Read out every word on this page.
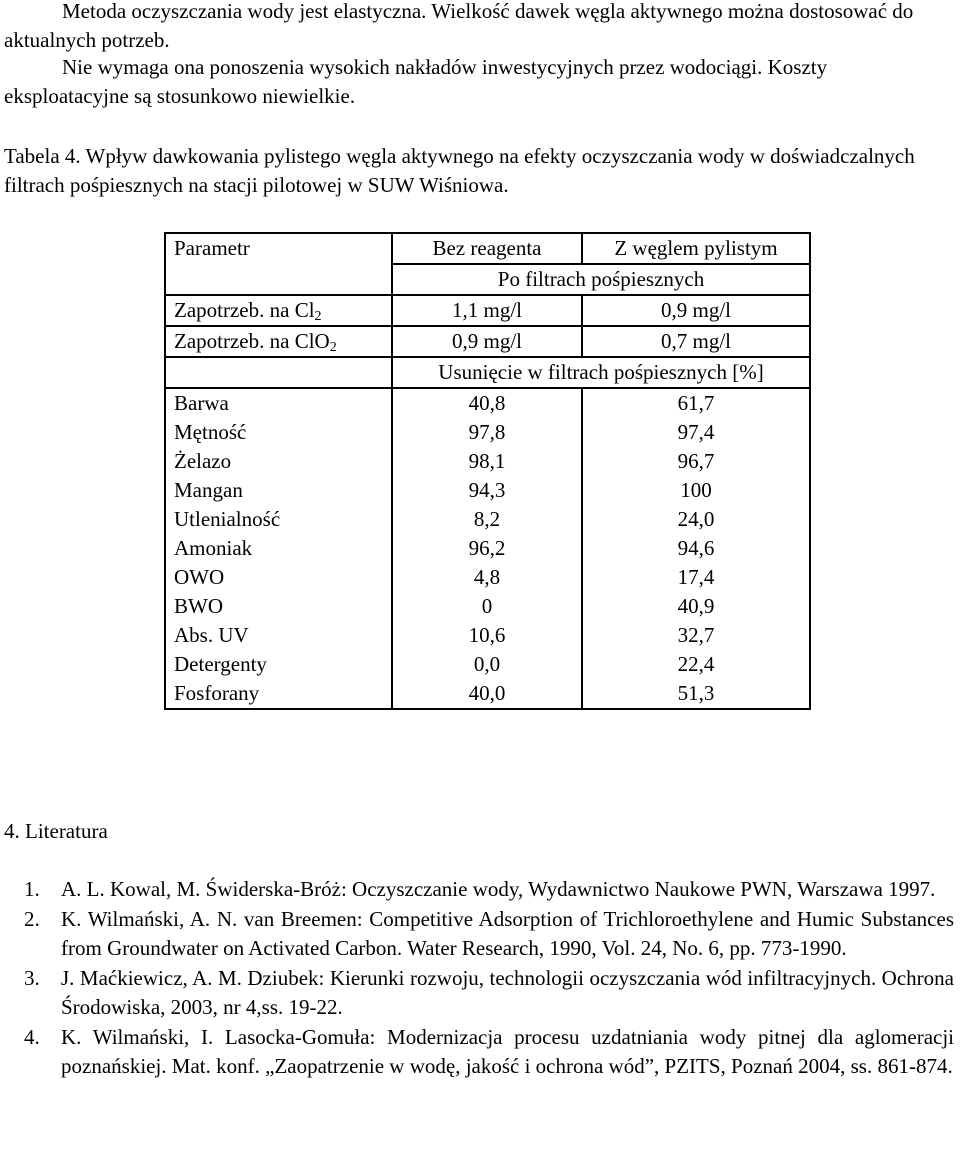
Metoda oczyszczania wody jest elastyczna. Wielkość dawek węgla aktywnego można dostosować do aktualnych potrzeb.

Nie wymaga ona ponoszenia wysokich nakładów inwestycyjnych przez wodociągi. Koszty eksploatacyjne są stosunkowo niewielkie.

Tabela 4. Wpływ dawkowania pylistego węgla aktywnego na efekty oczyszczania wody w doświadczalnych filtrach pośpiesznych na stacji pilotowej w SUW Wiśniowa.

Parametr	Bez reagenta	Z węglem pylistym
	Po filtrach pośpiesznych	
Zapotrzeb. na $Cl_2$	1,1 mg/l	0,9 mg/l
Zapotrzeb. na ClO$_2$	0,9 mg/l	0,7 mg/l
	Usunięcie w filtrach pośpiesznych [%]	
Barwa	40,8	61,7
Mętność	97,8	97,4
Żelazo	98,1	96,7
Mangan	94,3	100
Utlenialność	8,2	24,0
Amoniak	96,2	94,6
OWO	4,8	17,4
BWO	0	40,9
Abs. UV	10,6	32,7
Detergenty	0,0	22,4
Fosforany	40,0	51,3
4. Literatura
1. A. L. Kowal, M. Świderska-Bróż: Oczyszczanie wody, Wydawnictwo Naukowe PWN, Warszawa 1997.
2. K. Wilmański, A. N. van Breemen: Competitive Adsorption of Trichloroethylene and Humic Substances from Groundwater on Activated Carbon. Water Research, 1990, Vol. 24, No. 6, pp. 773-1990.
3. J. Maćkiewicz, A. M. Dziubek: Kierunki rozwoju, technologii oczyszczania wód infiltracyjnych. Ochrona Środowiska, 2003, nr 4,ss. 19-22.
4. K. Wilmański, I. Lasocka-Gomuła: Modernizacja procesu uzdatniania wody pitnej dla aglomeracji poznańskiej. Mat. konf. „Zaopatrzenie w wodę, jakość i ochrona wód”, PZITS, Poznań 2004, ss. 861-874.
